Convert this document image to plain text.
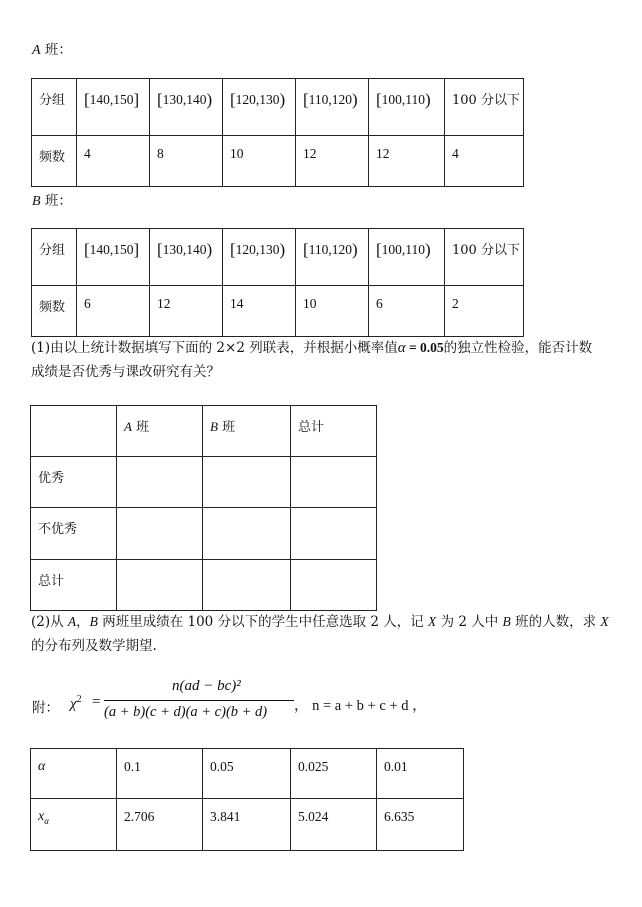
A 班：
分组	[140,150]	[130,140)	[120,130)	[110,120)	[100,110)	100 分以下

频数	4	8	10	12	12	4
B 班：
分组	[140,150]	[130,140)	[120,130)	[110,120)	[100,110)	100 分以下

频数	6	12	14	10	6	2
(1)由以上统计数据填写下面的 2×2 列联表，并根据小概率值α = 0.05的独立性检验，能否计数
成绩是否优秀与课改研究有关？

	A 班	B 班	总计

优秀			

不优秀			

总计			

(2)从 A，B 两班里成绩在 100 分以下的学生中任意选取 2 人，记 X 为 2 人中 B 班的人数，求 X
的分布列及数学期望.
附： $\chi^2$ =
n(ad − bc)²
(a + b)(c + d)(a + c)(b + d) ， n = a + b + c + d ，
α	0.1	0.05	0.025	0.01

$x_\alpha$	2.706	3.841	5.024	6.635
